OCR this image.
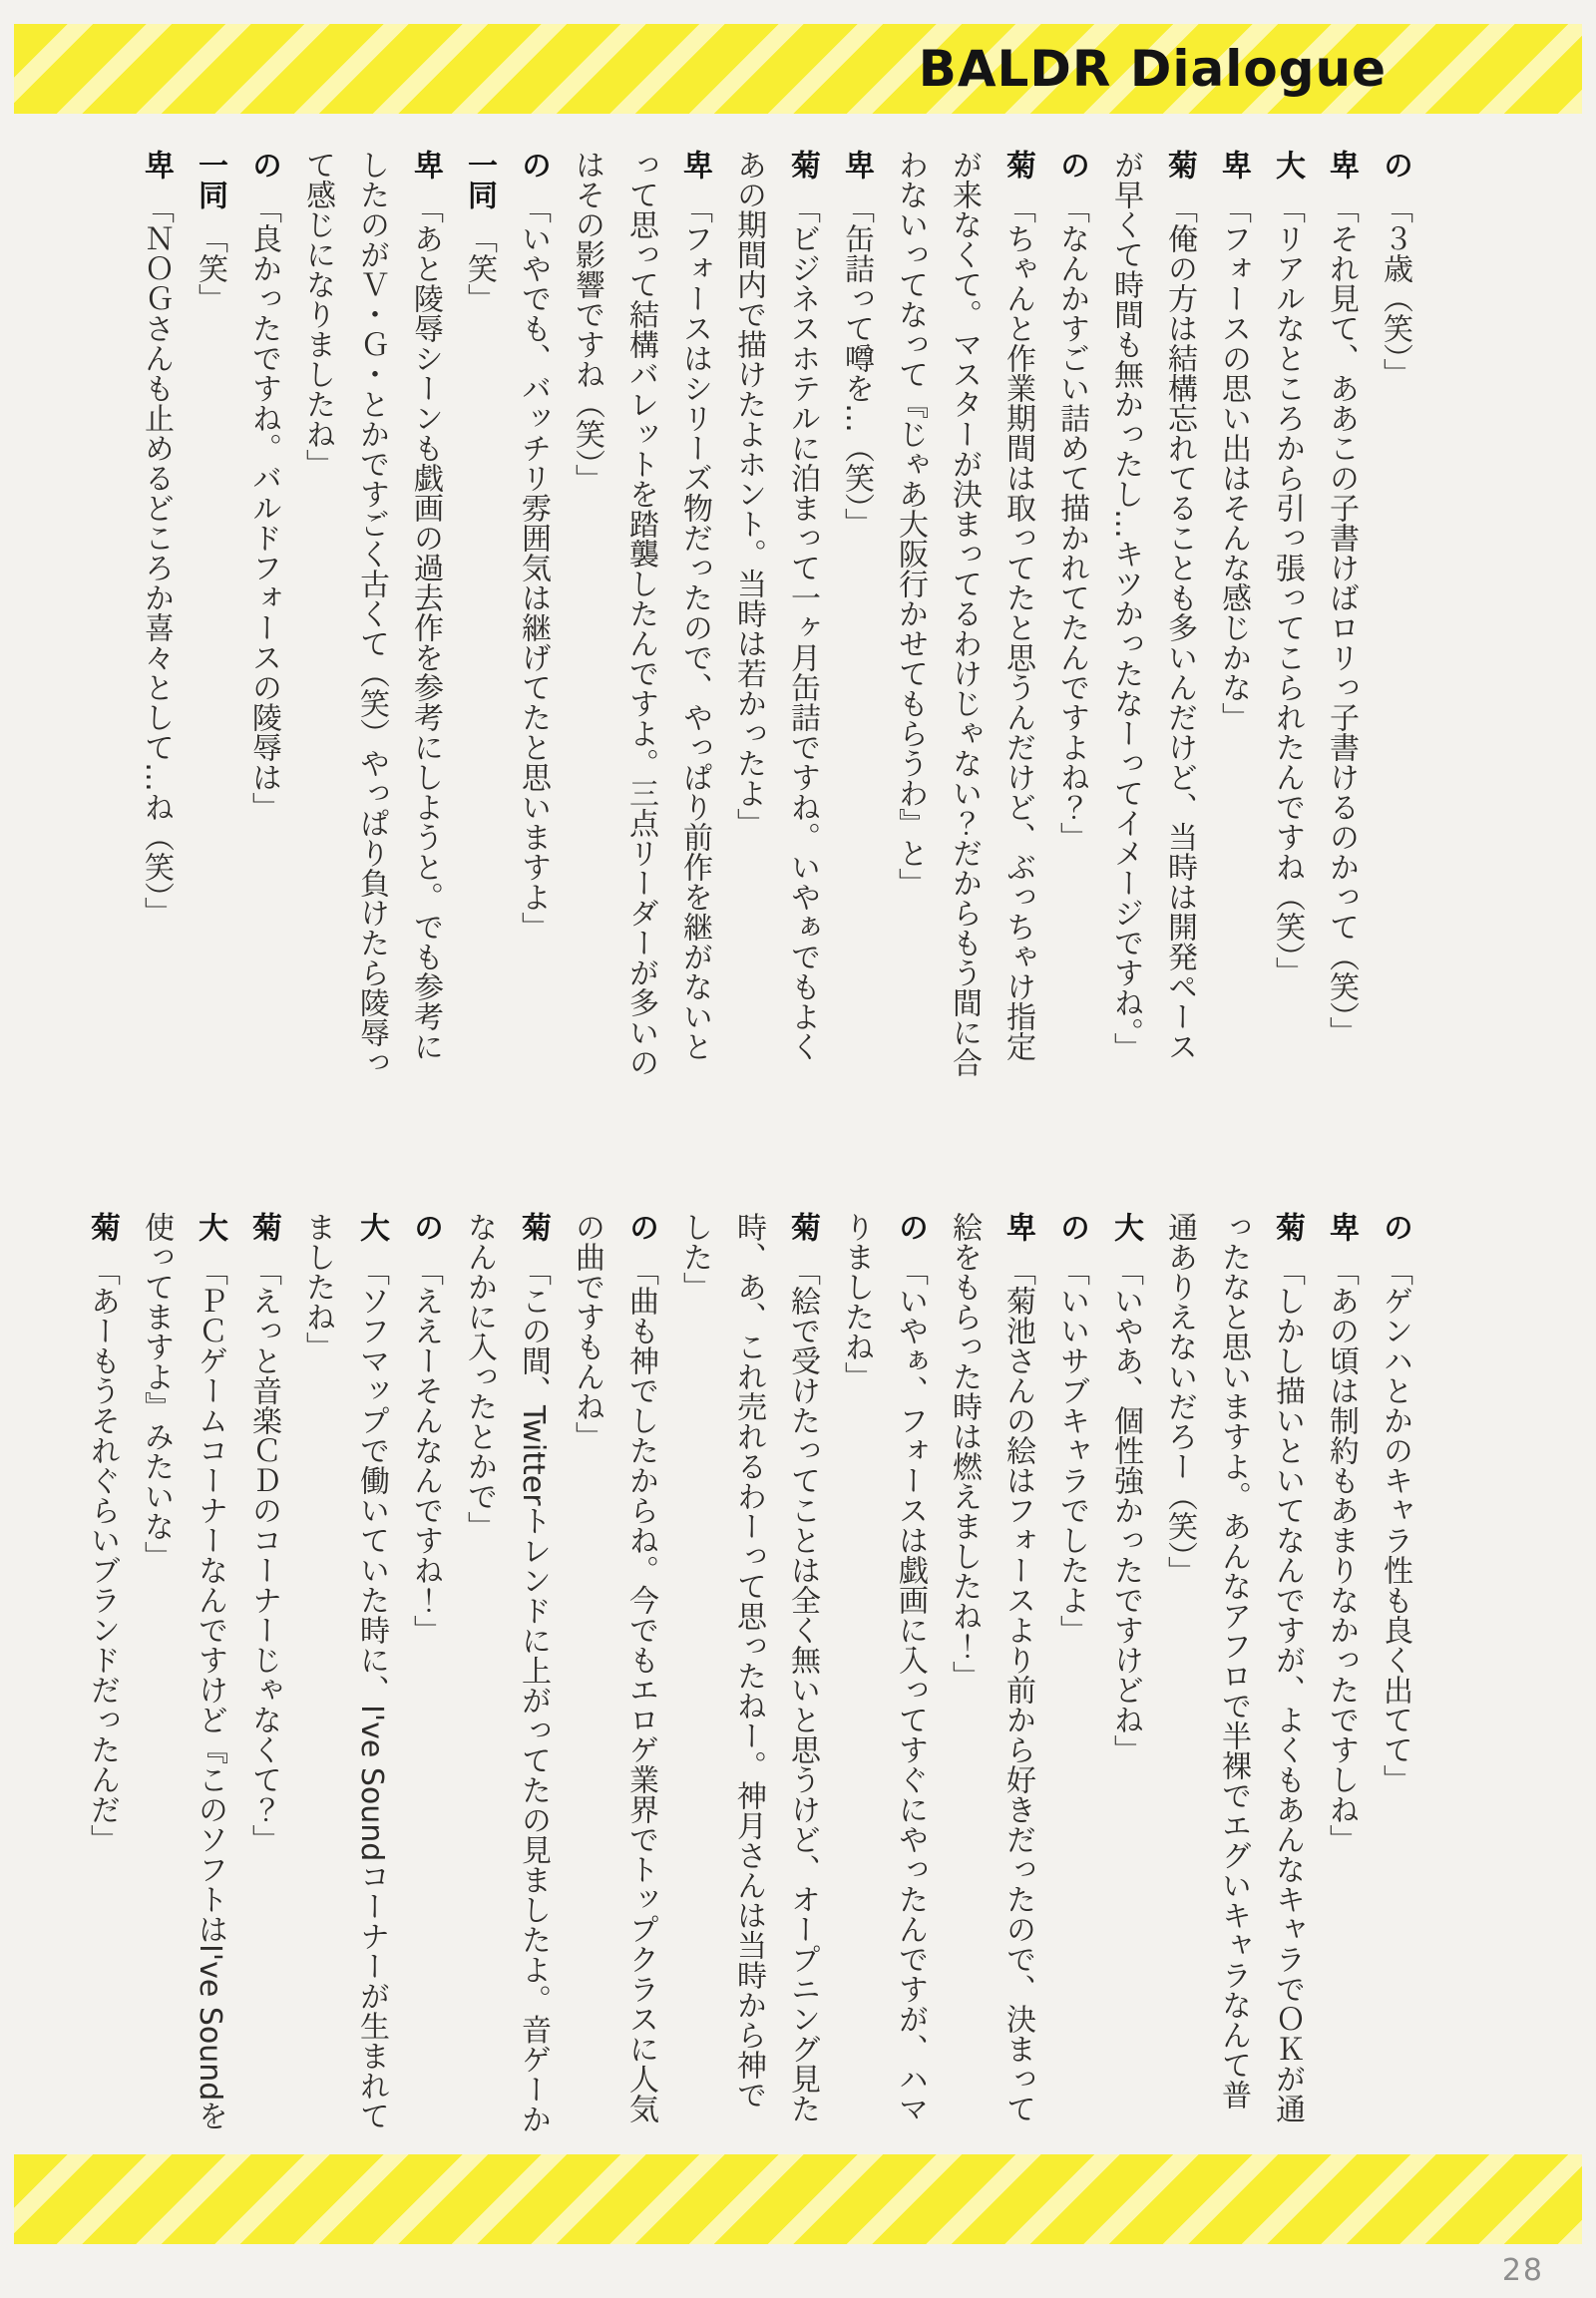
BALDR Dialogue

の「３歳（笑）」

卑「それ見て、ああこの子書けばロリっ子書けるのかって（笑）」

大「リアルなところから引っ張ってこられたんですね（笑）」

卑「フォースの思い出はそんな感じかな」

菊「俺の方は結構忘れてることも多いんだけど、当時は開発ペースが早くて時間も無かったし…キツかったなーってイメージですね。」

の「なんかすごい詰めて描かれてたんですよね？」

菊「ちゃんと作業期間は取ってたと思うんだけど、ぶっちゃけ指定が来なくて。マスターが決まってるわけじゃない？だからもう間に合わないってなって『じゃあ大阪行かせてもらうわ』と」

卑「缶詰って噂を…（笑）」

菊「ビジネスホテルに泊まって一ヶ月缶詰ですね。いやぁでもよくあの期間内で描けたよホント。当時は若かったよ」

卑「フォースはシリーズ物だったので、やっぱり前作を継がないとって思って結構バレットを踏襲したんですよ。三点リーダーが多いのはその影響ですね（笑）」

の「いやでも、バッチリ雰囲気は継げてたと思いますよ」

一同「笑」

卑「あと陵辱シーンも戯画の過去作を参考にしようと。でも参考にしたのがＶ・Ｇ・とかですごく古くて（笑）やっぱり負けたら陵辱って感じになりましたね」

の「良かったですね。バルドフォースの陵辱は」

一同「笑」

卑「ＮＯＧさんも止めるどころか喜々として…ね（笑）」

の「ゲンハとかのキャラ性も良く出てて」

卑「あの頃は制約もあまりなかったですしね」

菊「しかし描いといてなんですが、よくもあんなキャラでＯＫが通ったなと思いますよ。あんなアフロで半裸でエグいキャラなんて普通ありえないだろー（笑）」

大「いやあ、個性強かったですけどね」

の「いいサブキャラでしたよ」

卑「菊池さんの絵はフォースより前から好きだったので、決まって絵をもらった時は燃えましたね！」

の「いやぁ、フォースは戯画に入ってすぐにやったんですが、ハマりましたね」

菊「絵で受けたってことは全く無いと思うけど、オープニング見た時、あ、これ売れるわーって思ったねー。神月さんは当時から神でした」

の「曲も神でしたからね。今でもエロゲ業界でトップクラスに人気の曲ですもんね」

菊「この間、Twitterトレンドに上がってたの見ましたよ。音ゲーかなんかに入ったとかで」

の「ええーそんなんですね！」

大「ソフマップで働いていた時に、I've Soundコーナーが生まれてましたね」

菊「えっと音楽ＣＤのコーナーじゃなくて？」

大「ＰＣゲームコーナーなんですけど『このソフトはI've Soundを使ってますよ』みたいな」

菊「あーもうそれぐらいブランドだったんだ」

28
